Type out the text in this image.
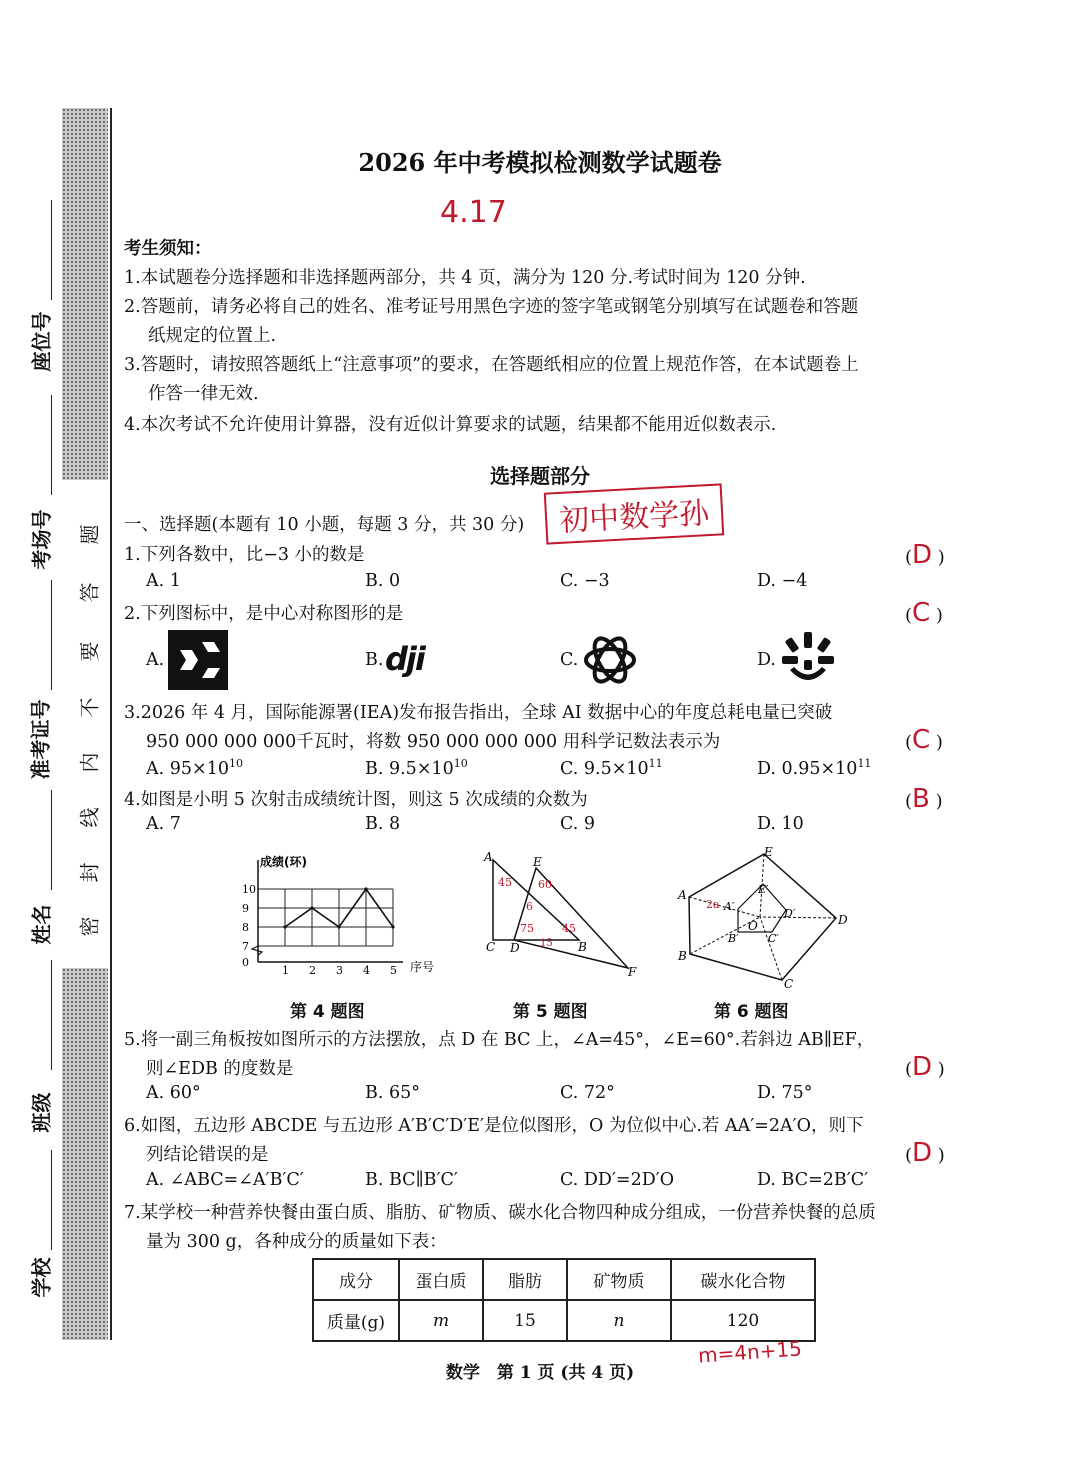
座位号
考场号
准考证号
姓名
班级
学校
题
答
要
不
内
线
封
密
2026 年中考模拟检测数学试题卷
4.17
考生须知：
1.本试题卷分选择题和非选择题两部分，共 4 页，满分为 120 分.考试时间为 120 分钟.
2.答题前，请务必将自己的姓名、准考证号用黑色字迹的签字笔或钢笔分别填写在试题卷和答题
纸规定的位置上.
3.答题时，请按照答题纸上“注意事项”的要求，在答题纸相应的位置上规范作答，在本试题卷上
作答一律无效.
4.本次考试不允许使用计算器，没有近似计算要求的试题，结果都不能用近似数表示.
选择题部分
一、选择题(本题有 10 小题，每题 3 分，共 30 分)	初中数学孙
1.下列各数中，比−3 小的数是	(D )
A. 1	B. 0	C. −3	D. −4
2.下列图标中，是中心对称图形的是	(C )
A.	B. dji	C.	D.
3.2026 年 4 月，国际能源署(IEA)发布报告指出，全球 AI 数据中心的年度总耗电量已突破
950 000 000 000千瓦时，将数 950 000 000 000 用科学记数法表示为	(C )
A. $95\times 10^{10}$	B. $9.5\times 10^{10}$	C. $9.5\times 10^{11}$	D. $0.95\times 10^{11}$
4.如图是小明 5 次射击成绩统计图，则这 5 次成绩的众数为	(B )
A. 7	B. 8	C. 9	D. 10
成绩(环)
序号
0
7
8
9
10
1 2 3 4 5
A	E
C D	B
F
45 60
6
45
75
15
E
A	E′
A′
D′	D
O
B′	C′
B
C
2a
第 4 题图	第 5 题图	第 6 题图
5.将一副三角板按如图所示的方法摆放，点 D 在 BC 上，∠A=45°，∠E=60°.若斜边 AB∥EF，
则∠EDB 的度数是	(D )
A. 60°	B. 65°	C. 72°	D. 75°
6.如图，五边形 ABCDE 与五边形 A′B′C′D′E′是位似图形，O 为位似中心.若 AA′=2A′O，则下
列结论错误的是	(D )
A. ∠ABC=∠A′B′C′	B. BC∥B′C′	C. DD′=2D′O	D. BC=2B′C′
7.某学校一种营养快餐由蛋白质、脂肪、矿物质、碳水化合物四种成分组成，一份营养快餐的总质
量为 300 g，各种成分的质量如下表：
成分	蛋白质	脂肪	矿物质	碳水化合物
质量(g)	m	15	n	120
m=4n+15
数学　第 1 页 (共 4 页)
